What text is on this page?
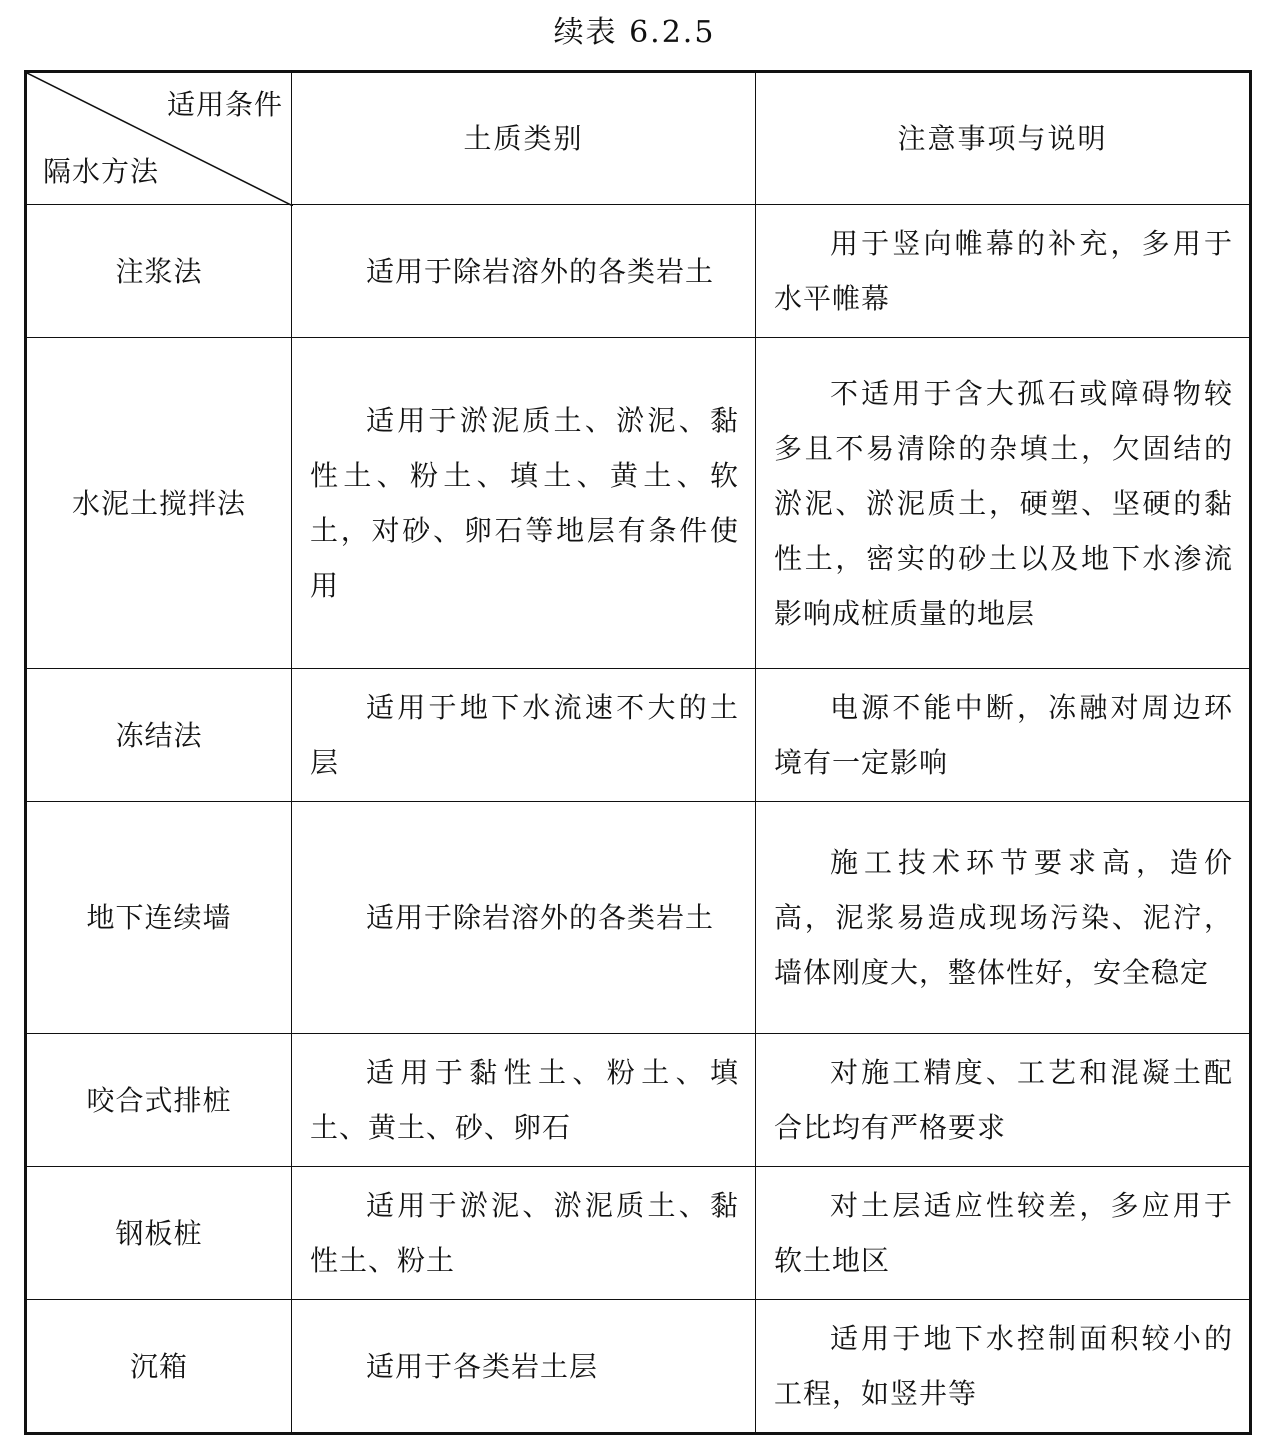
续表 6.2.5
适用条件
隔水方法	土质类别	注意事项与说明
注浆法	适用于除岩溶外的各类岩土	用于竖向帷幕的补充，多用于水平帷幕
水泥土搅拌法	适用于淤泥质土、淤泥、黏性土、粉土、填土、黄土、软土，对砂、卵石等地层有条件使用	不适用于含大孤石或障碍物较多且不易清除的杂填土，欠固结的淤泥、淤泥质土，硬塑、坚硬的黏性土，密实的砂土以及地下水渗流影响成桩质量的地层
冻结法	适用于地下水流速不大的土层	电源不能中断，冻融对周边环境有一定影响
地下连续墙	适用于除岩溶外的各类岩土	施工技术环节要求高，造价高，泥浆易造成现场污染、泥泞，墙体刚度大，整体性好，安全稳定
咬合式排桩	适用于黏性土、粉土、填土、黄土、砂、卵石	对施工精度、工艺和混凝土配合比均有严格要求
钢板桩	适用于淤泥、淤泥质土、黏性土、粉土	对土层适应性较差，多应用于软土地区
沉箱	适用于各类岩土层	适用于地下水控制面积较小的工程，如竖井等
